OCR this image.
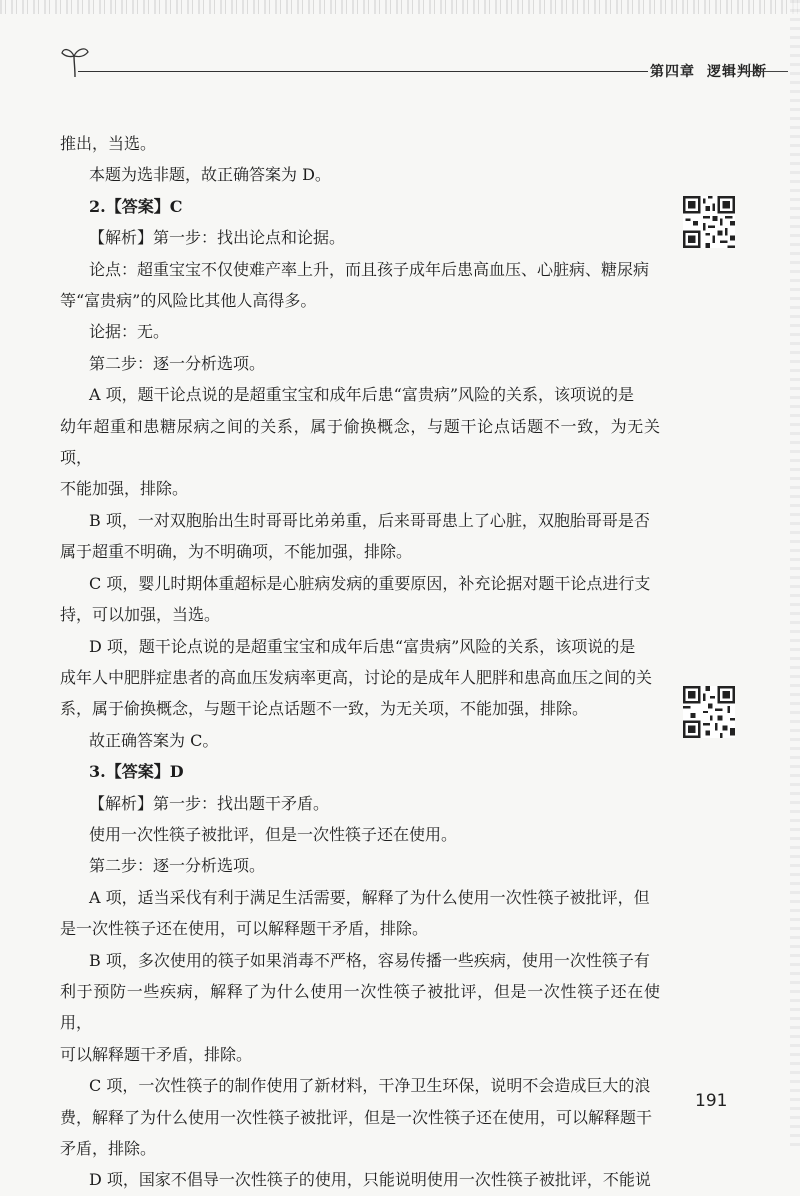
第四章 逻辑判断

推出，当选。

本题为选非题，故正确答案为 D。

2.【答案】C

【解析】第一步：找出论点和论据。

论点：超重宝宝不仅使难产率上升，而且孩子成年后患高血压、心脏病、糖尿病

等“富贵病”的风险比其他人高得多。

论据：无。

第二步：逐一分析选项。

A 项，题干论点说的是超重宝宝和成年后患“富贵病”风险的关系，该项说的是

幼年超重和患糖尿病之间的关系，属于偷换概念，与题干论点话题不一致，为无关项，

不能加强，排除。

B 项，一对双胞胎出生时哥哥比弟弟重，后来哥哥患上了心脏，双胞胎哥哥是否

属于超重不明确，为不明确项，不能加强，排除。

C 项，婴儿时期体重超标是心脏病发病的重要原因，补充论据对题干论点进行支

持，可以加强，当选。

D 项，题干论点说的是超重宝宝和成年后患“富贵病”风险的关系，该项说的是

成年人中肥胖症患者的高血压发病率更高，讨论的是成年人肥胖和患高血压之间的关

系，属于偷换概念，与题干论点话题不一致，为无关项，不能加强，排除。

故正确答案为 C。

3.【答案】D

【解析】第一步：找出题干矛盾。

使用一次性筷子被批评，但是一次性筷子还在使用。

第二步：逐一分析选项。

A 项，适当采伐有利于满足生活需要，解释了为什么使用一次性筷子被批评，但

是一次性筷子还在使用，可以解释题干矛盾，排除。

B 项，多次使用的筷子如果消毒不严格，容易传播一些疾病，使用一次性筷子有

利于预防一些疾病，解释了为什么使用一次性筷子被批评，但是一次性筷子还在使用，

可以解释题干矛盾，排除。

C 项，一次性筷子的制作使用了新材料，干净卫生环保，说明不会造成巨大的浪

费，解释了为什么使用一次性筷子被批评，但是一次性筷子还在使用，可以解释题干

矛盾，排除。

D 项，国家不倡导一次性筷子的使用，只能说明使用一次性筷子被批评，不能说

191
